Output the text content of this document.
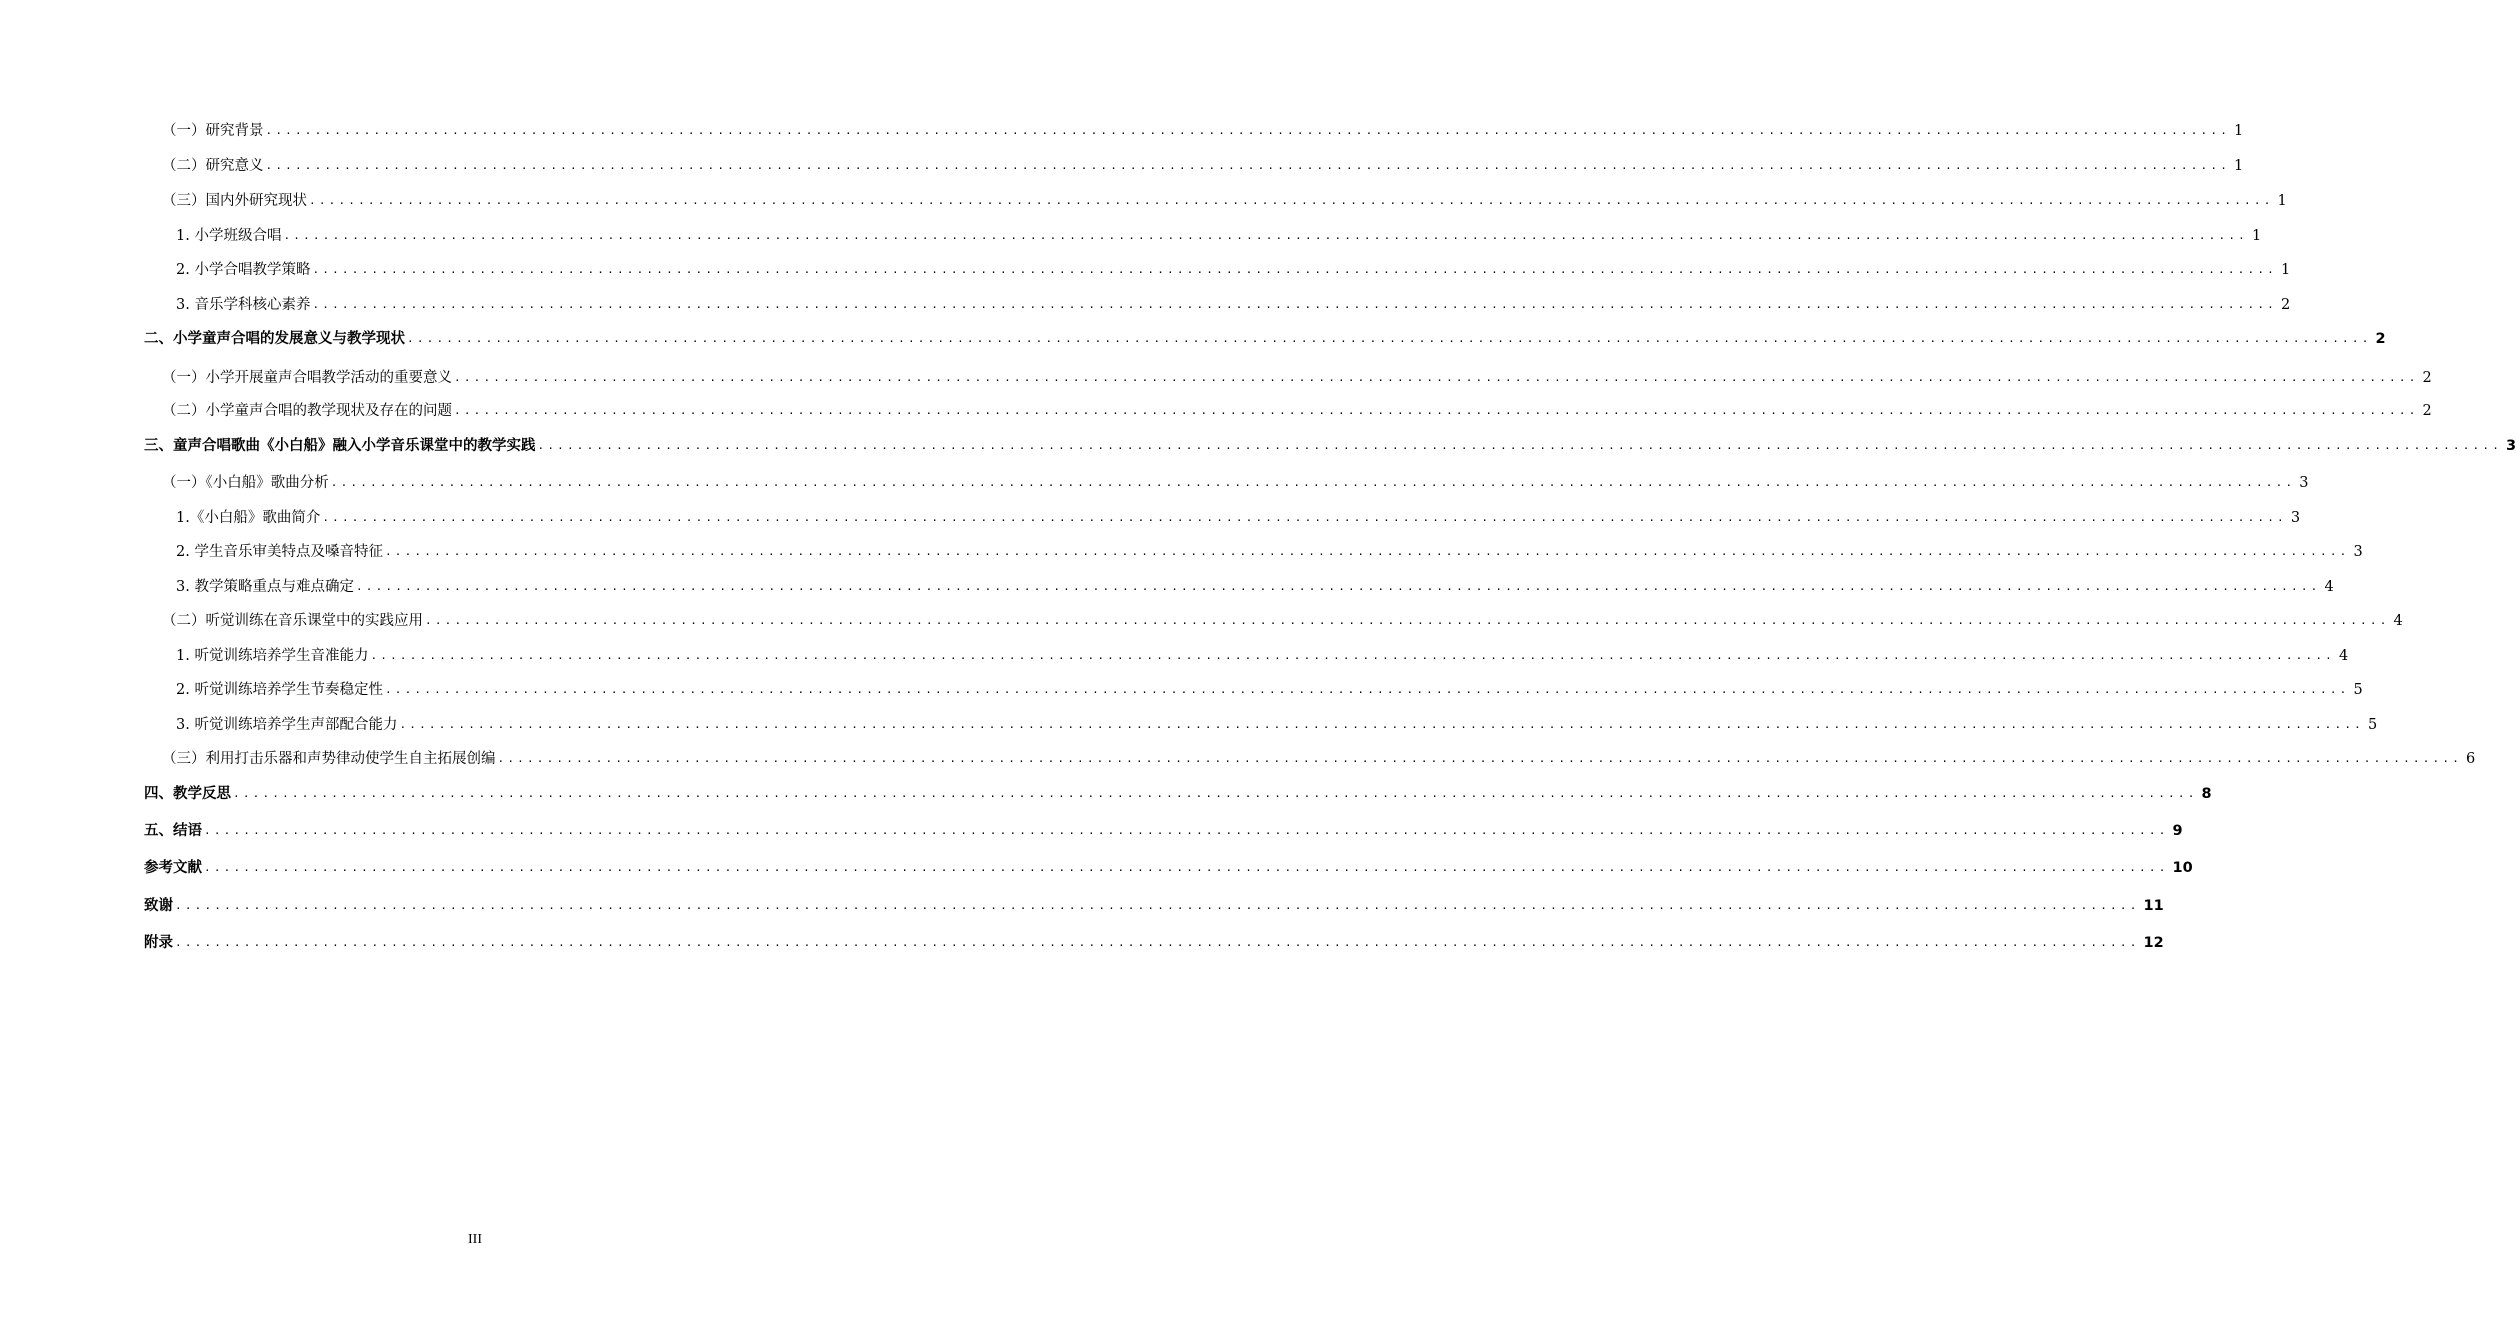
（一）研究背景 ........................................................................................................................................................................................................ 1
（二）研究意义 ........................................................................................................................................................................................................ 1
（三）国内外研究现状 ........................................................................................................................................................................................................ 1
1. 小学班级合唱 ........................................................................................................................................................................................................ 1
2. 小学合唱教学策略 ........................................................................................................................................................................................................ 1
3. 音乐学科核心素养 ........................................................................................................................................................................................................ 2
二、小学童声合唱的发展意义与教学现状 ........................................................................................................................................................................................................ 2
（一）小学开展童声合唱教学活动的重要意义 ........................................................................................................................................................................................................ 2
（二）小学童声合唱的教学现状及存在的问题 ........................................................................................................................................................................................................ 2
三、童声合唱歌曲《小白船》融入小学音乐课堂中的教学实践 ........................................................................................................................................................................................................ 3
（一）《小白船》歌曲分析 ........................................................................................................................................................................................................ 3
1.《小白船》歌曲简介 ........................................................................................................................................................................................................ 3
2. 学生音乐审美特点及嗓音特征 ........................................................................................................................................................................................................ 3
3. 教学策略重点与难点确定 ........................................................................................................................................................................................................ 4
（二）听觉训练在音乐课堂中的实践应用 ........................................................................................................................................................................................................ 4
1. 听觉训练培养学生音准能力 ........................................................................................................................................................................................................ 4
2. 听觉训练培养学生节奏稳定性 ........................................................................................................................................................................................................ 5
3. 听觉训练培养学生声部配合能力 ........................................................................................................................................................................................................ 5
（三）利用打击乐器和声势律动使学生自主拓展创编 ........................................................................................................................................................................................................ 6
四、教学反思 ........................................................................................................................................................................................................ 8
五、结语 ........................................................................................................................................................................................................ 9
参考文献 ........................................................................................................................................................................................................ 10
致谢 ........................................................................................................................................................................................................ 11
附录 ........................................................................................................................................................................................................ 12
III
